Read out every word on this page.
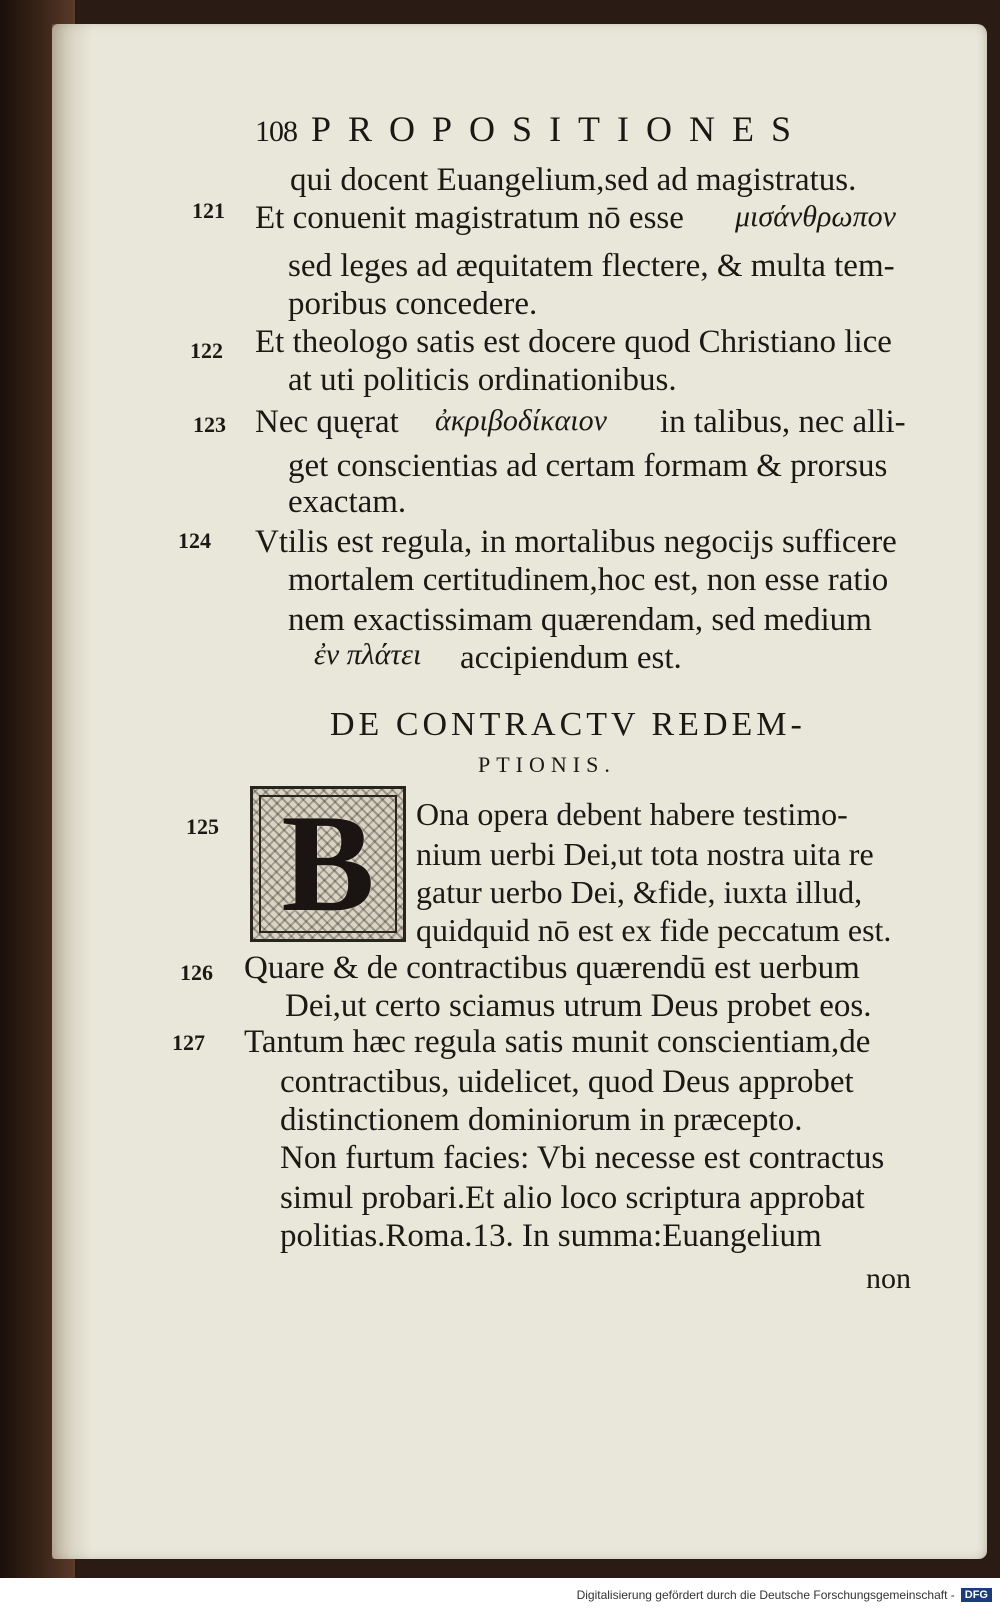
108 PROPOSITIONES
qui docent Euangelium,sed ad magistratus.
121 Et conuenit magistratum nō esse μισάνθρωπον
sed leges ad æquitatem flectere, & multa tem-
poribus concedere.
122 Et theologo satis est docere quod Christiano lice
at uti politicis ordinationibus.
123 Nec quęrat ἀκριβοδίκαιον in talibus, nec alli-
get conscientias ad certam formam & prorsus
exactam.
124 Vtilis est regula, in mortalibus negocijs sufficere
mortalem certitudinem,hoc est, non esse ratio
nem exactissimam quærendam, sed medium
ἐν πλάτει accipiendum est.
DE CONTRACTV REDEM-
PTIONIS.
125 B Ona opera debent habere testimo-
nium uerbi Dei,ut tota nostra uita re
gatur uerbo Dei, &fide, iuxta illud,
quidquid nō est ex fide peccatum est.
126 Quare & de contractibus quærendū est uerbum
Dei,ut certo sciamus utrum Deus probet eos.
127 Tantum hæc regula satis munit conscientiam,de
contractibus, uidelicet, quod Deus approbet
distinctionem dominiorum in præcepto.
Non furtum facies: Vbi necesse est contractus
simul probari.Et alio loco scriptura approbat
politias.Roma.13. In summa:Euangelium
non
Digitalisierung gefördert durch die Deutsche Forschungsgemeinschaft - DFG
